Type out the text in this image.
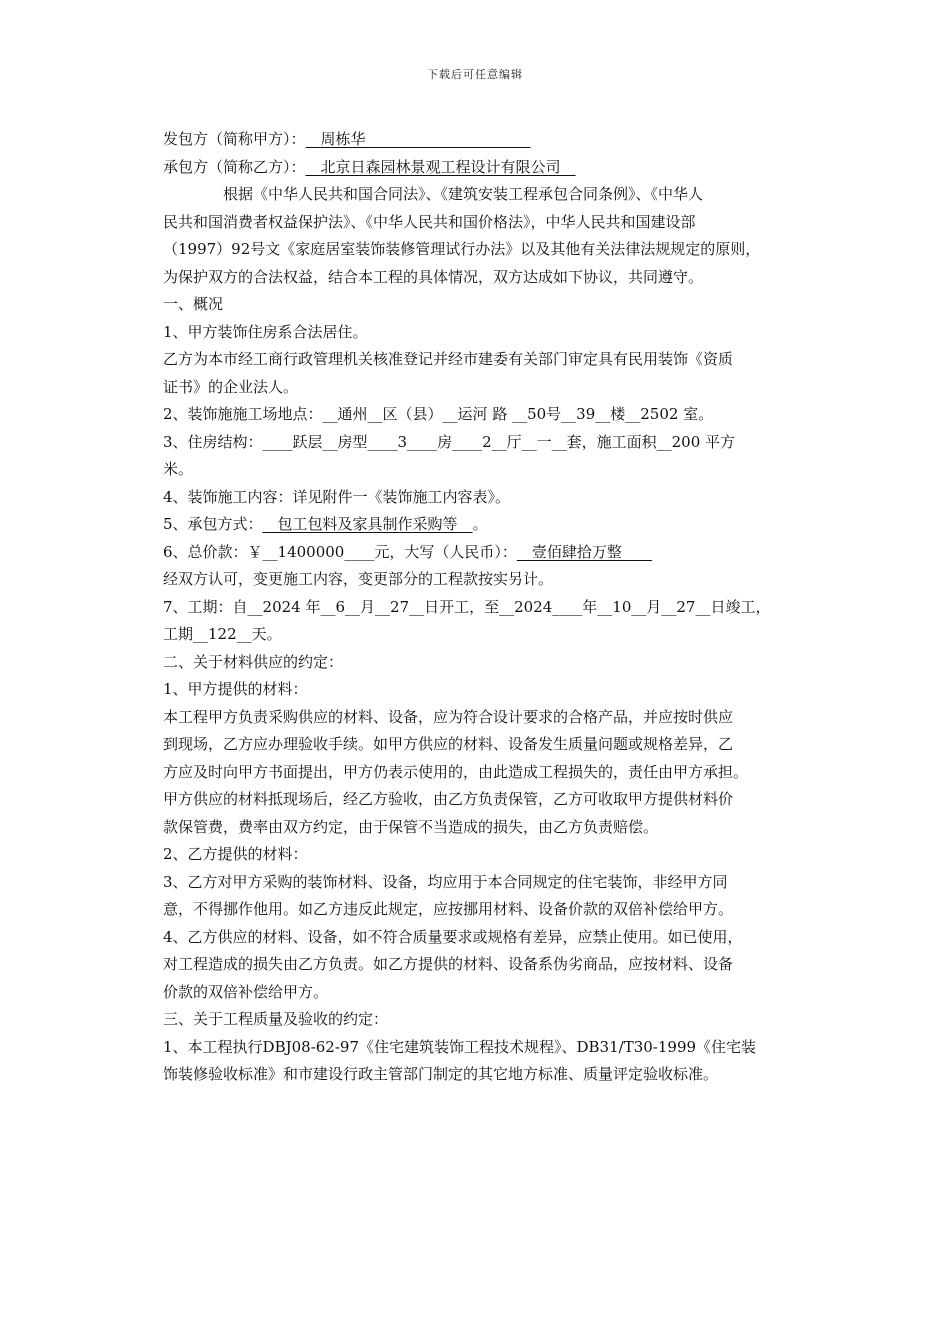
下载后可任意编辑
发包方（简称甲方）：__周栋华______________________
承包方（简称乙方）：__北京日森园林景观工程设计有限公司__
根据《中华人民共和国合同法》、《建筑安装工程承包合同条例》、《中华人
民共和国消费者权益保护法》、《中华人民共和国价格法》，中华人民共和国建设部
（1997）92号文《家庭居室装饰装修管理试行办法》以及其他有关法律法规规定的原则，
为保护双方的合法权益，结合本工程的具体情况，双方达成如下协议，共同遵守。
一、概况
1、甲方装饰住房系合法居住。
乙方为本市经工商行政管理机关核准登记并经市建委有关部门审定具有民用装饰《资质
证书》的企业法人。
2、装饰施施工场地点：__通州__区（县）__运河 路 __50号__39__楼__2502 室。
3、住房结构：____跃层__房型____3____房____2__厅__一__套，施工面积__200 平方
米。
4、装饰施工内容：详见附件一《装饰施工内容表》。
5、承包方式：__包工包料及家具制作采购等__。
6、总价款：￥__1400000____元，大写（人民币）：__壹佰肆拾万整____
经双方认可，变更施工内容，变更部分的工程款按实另计。
7、工期：自__2024 年__6__月__27__日开工，至__2024____年__10__月__27__日竣工，
工期__122__天。
二、关于材料供应的约定：
1、甲方提供的材料：
本工程甲方负责采购供应的材料、设备，应为符合设计要求的合格产品，并应按时供应
到现场，乙方应办理验收手续。如甲方供应的材料、设备发生质量问题或规格差异，乙
方应及时向甲方书面提出，甲方仍表示使用的，由此造成工程损失的，责任由甲方承担。
甲方供应的材料抵现场后，经乙方验收，由乙方负责保管，乙方可收取甲方提供材料价
款保管费，费率由双方约定，由于保管不当造成的损失，由乙方负责赔偿。
2、乙方提供的材料：
3、乙方对甲方采购的装饰材料、设备，均应用于本合同规定的住宅装饰，非经甲方同
意，不得挪作他用。如乙方违反此规定，应按挪用材料、设备价款的双倍补偿给甲方。
4、乙方供应的材料、设备，如不符合质量要求或规格有差异，应禁止使用。如已使用，
对工程造成的损失由乙方负责。如乙方提供的材料、设备系伪劣商品，应按材料、设备
价款的双倍补偿给甲方。
三、关于工程质量及验收的约定：
1、本工程执行DBJ08-62-97《住宅建筑装饰工程技术规程》、DB31/T30-1999《住宅装
饰装修验收标准》和市建设行政主管部门制定的其它地方标准、质量评定验收标准。
